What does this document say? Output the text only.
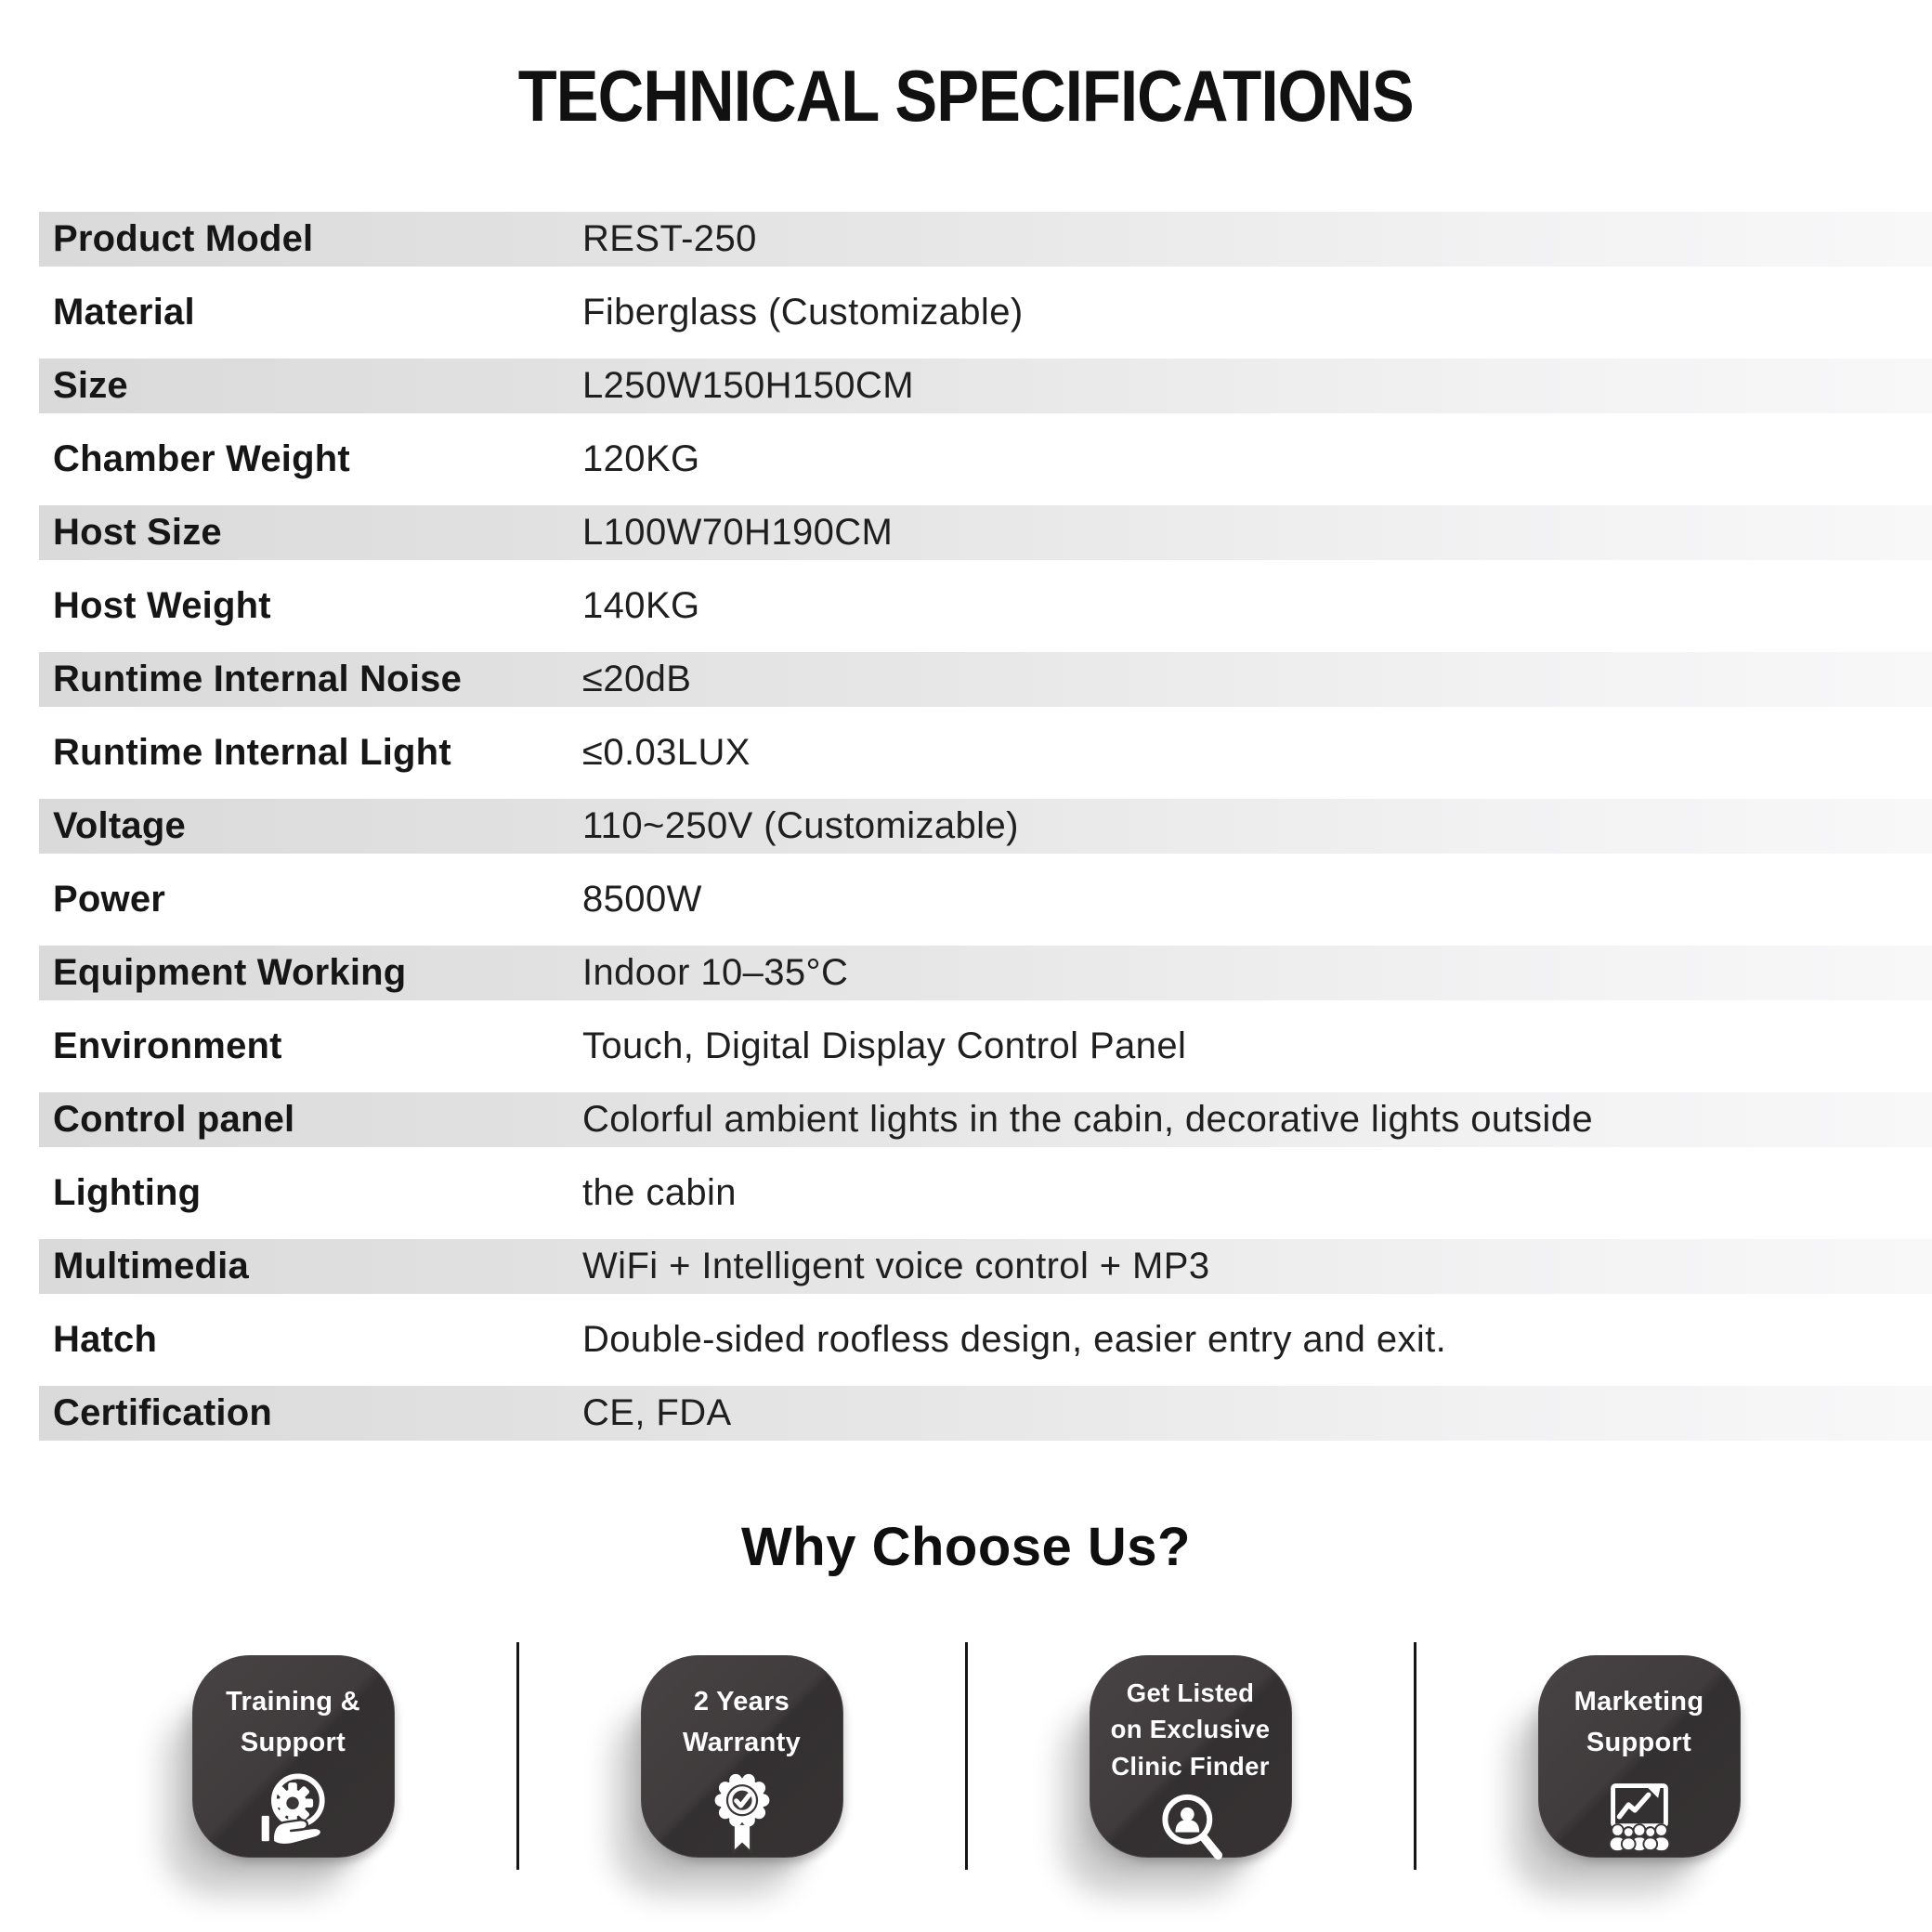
TECHNICAL SPECIFICATIONS
Product Model	REST-250
Material	Fiberglass (Customizable)
Size	L250W150H150CM
Chamber Weight	120KG
Host Size	L100W70H190CM
Host Weight	140KG
Runtime Internal Noise	≤20dB
Runtime Internal Light	≤0.03LUX
Voltage	110~250V (Customizable)
Power	8500W
Equipment Working	Indoor 10–35°C
Environment	Touch, Digital Display Control Panel
Control panel	Colorful ambient lights in the cabin, decorative lights outside
Lighting	the cabin
Multimedia	WiFi + Intelligent voice control + MP3
Hatch	Double-sided roofless design, easier entry and exit.
Certification	CE, FDA
Why Choose Us?
Training &
Support
2 Years
Warranty
Get Listed
on Exclusive
Clinic Finder
Marketing
Support
